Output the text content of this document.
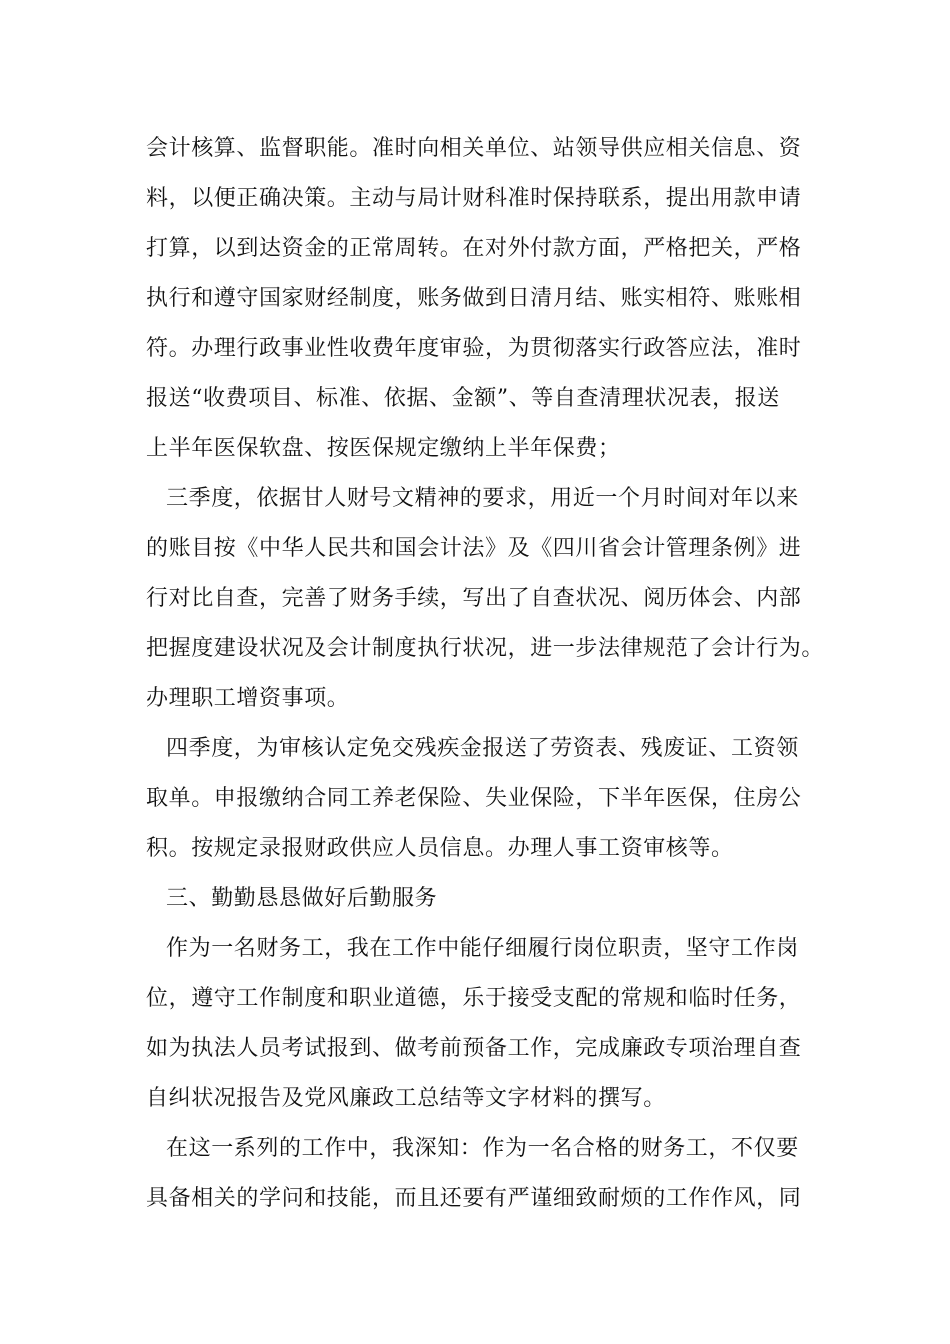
会计核算、监督职能。准时向相关单位、站领导供应相关信息、资
料，以便正确决策。主动与局计财科准时保持联系，提出用款申请
打算，以到达资金的正常周转。在对外付款方面，严格把关，严格
执行和遵守国家财经制度，账务做到日清月结、账实相符、账账相
符。办理行政事业性收费年度审验，为贯彻落实行政答应法，准时
报送“收费项目、标准、依据、金额”、等自查清理状况表，报送
上半年医保软盘、按医保规定缴纳上半年保费；
三季度，依据甘人财号文精神的要求，用近一个月时间对年以来
的账目按《中华人民共和国会计法》及《四川省会计管理条例》进
行对比自查，完善了财务手续，写出了自查状况、阅历体会、内部
把握度建设状况及会计制度执行状况，进一步法律规范了会计行为。
办理职工增资事项。
四季度，为审核认定免交残疾金报送了劳资表、残废证、工资领
取单。申报缴纳合同工养老保险、失业保险，下半年医保，住房公
积。按规定录报财政供应人员信息。办理人事工资审核等。
三、勤勤恳恳做好后勤服务
作为一名财务工，我在工作中能仔细履行岗位职责，坚守工作岗
位，遵守工作制度和职业道德，乐于接受支配的常规和临时任务，
如为执法人员考试报到、做考前预备工作，完成廉政专项治理自查
自纠状况报告及党风廉政工总结等文字材料的撰写。
在这一系列的工作中，我深知：作为一名合格的财务工，不仅要
具备相关的学问和技能，而且还要有严谨细致耐烦的工作作风，同
